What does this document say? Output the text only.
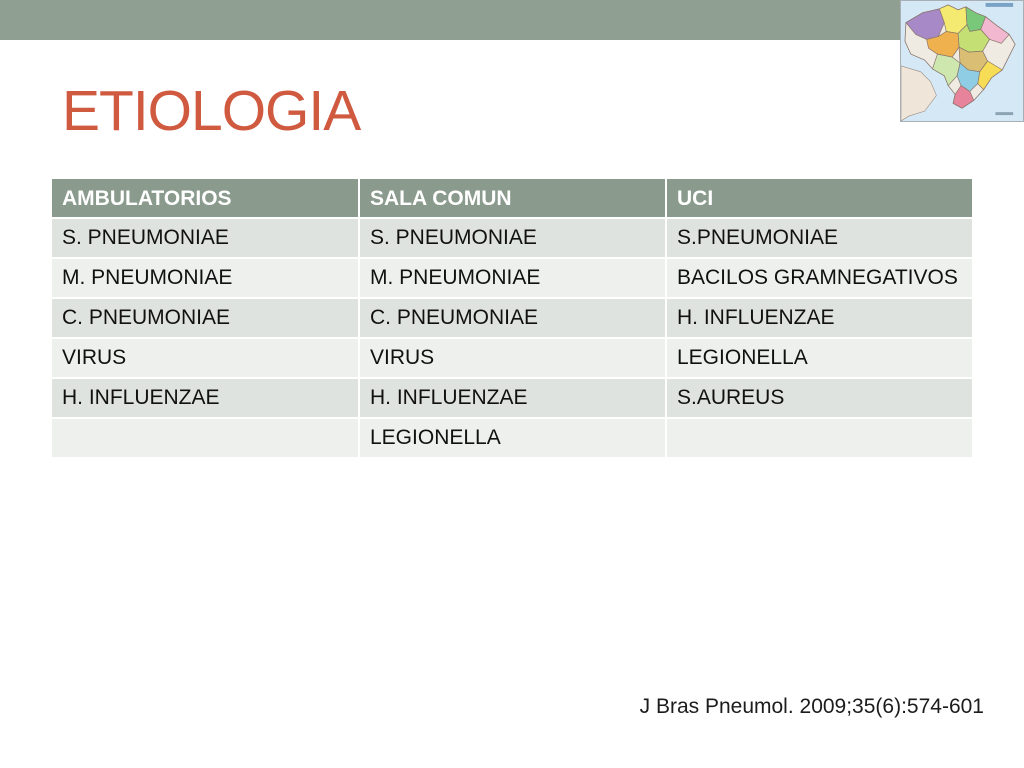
ETIOLOGIA
AMBULATORIOS	SALA COMUN	UCI
S. PNEUMONIAE	S. PNEUMONIAE	S.PNEUMONIAE
M. PNEUMONIAE	M. PNEUMONIAE	BACILOS GRAMNEGATIVOS
C. PNEUMONIAE	C. PNEUMONIAE	H. INFLUENZAE
VIRUS	VIRUS	LEGIONELLA
H. INFLUENZAE	H. INFLUENZAE	S.AUREUS
	LEGIONELLA	
J Bras Pneumol. 2009;35(6):574-601
